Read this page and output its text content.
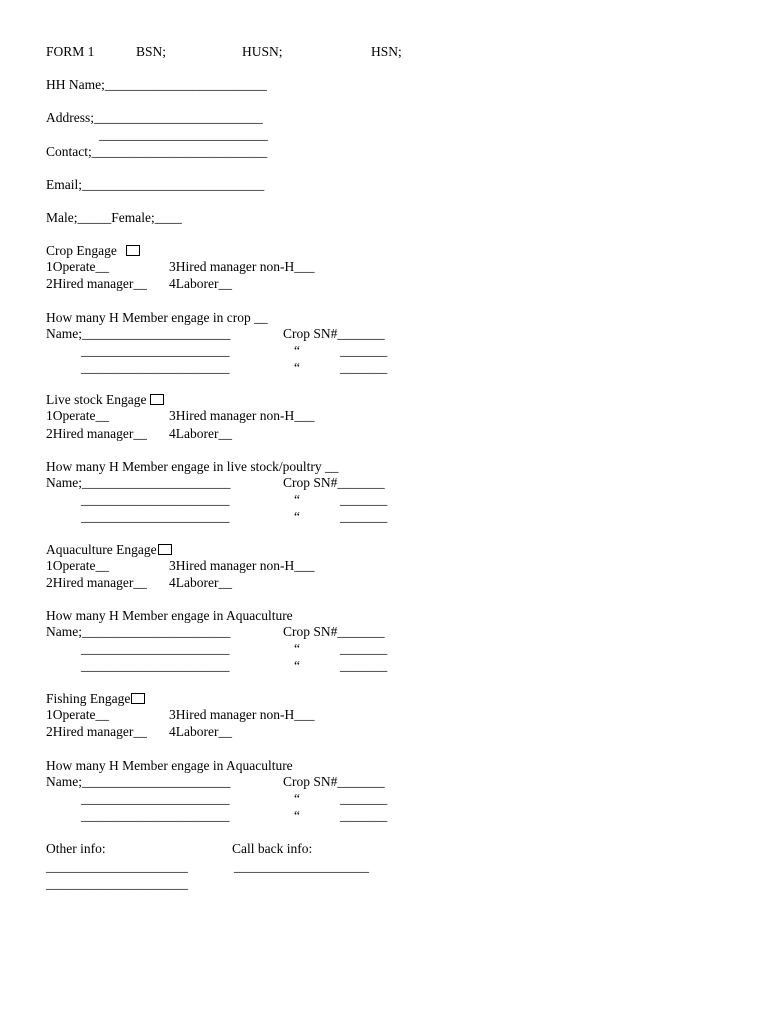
FORM 1	BSN;	HUSN;	HSN;
HH Name;________________________
Address;_________________________
_________________________
Contact;__________________________
Email;___________________________
Male;_____Female;____
Crop Engage
1Operate__	3Hired manager non-H___
2Hired manager__ 4Laborer__
How many H Member engage in crop __
Name;______________________	Crop SN#_______
______________________	“	_______
______________________	“	_______
Live stock Engage
1Operate__	3Hired manager non-H___
2Hired manager__ 4Laborer__
How many H Member engage in live stock/poultry __
Name;______________________	Crop SN#_______
______________________	“	_______
______________________	“	_______
Aquaculture Engage
1Operate__	3Hired manager non-H___
2Hired manager__ 4Laborer__
How many H Member engage in Aquaculture
Name;______________________	Crop SN#_______
______________________	“	_______
______________________	“	_______
Fishing Engage
1Operate__	3Hired manager non-H___
2Hired manager__ 4Laborer__
How many H Member engage in Aquaculture
Name;______________________	Crop SN#_______
______________________	“	_______
______________________	“	_______
Other info:	Call back info:
_____________________	____________________
_____________________
